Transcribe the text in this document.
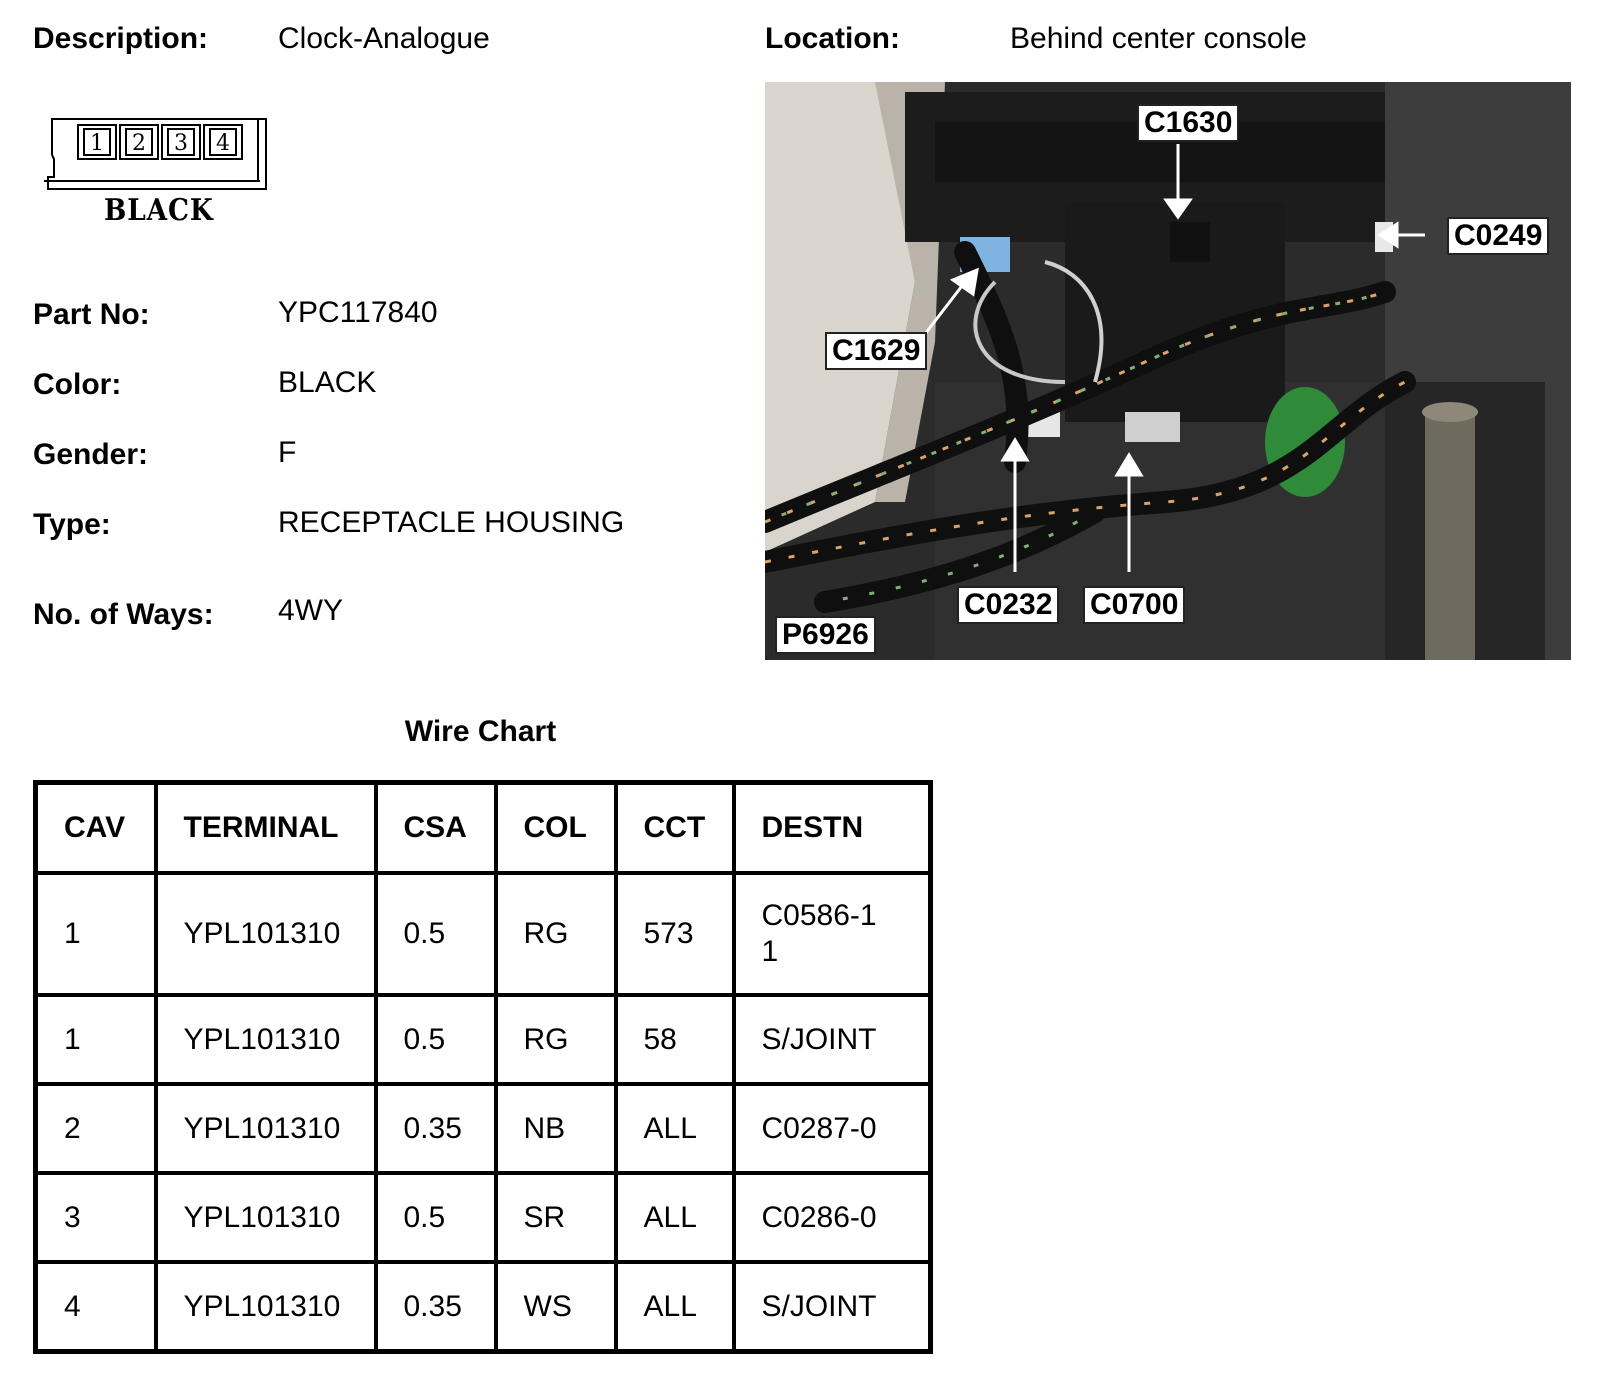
Description: Clock-Analogue	Location:	Behind center console
1 2 3 4
BLACK
Part No:	YPC117840
Color:	BLACK
Gender:	F
Type:	RECEPTACLE HOUSING
No. of Ways: 4WY
C1630
C0249
C1629
C0232 C0700
P6926
Wire Chart
CAV	TERMINAL	CSA	COL	CCT	DESTN
1	YPL101310	0.5	RG	573	C0586-11

1	YPL101310	0.5	RG	58	S/JOINT
2	YPL101310	0.35	NB	ALL	C0287-0
3	YPL101310	0.5	SR	ALL	C0286-0
4	YPL101310	0.35	WS	ALL	S/JOINT
